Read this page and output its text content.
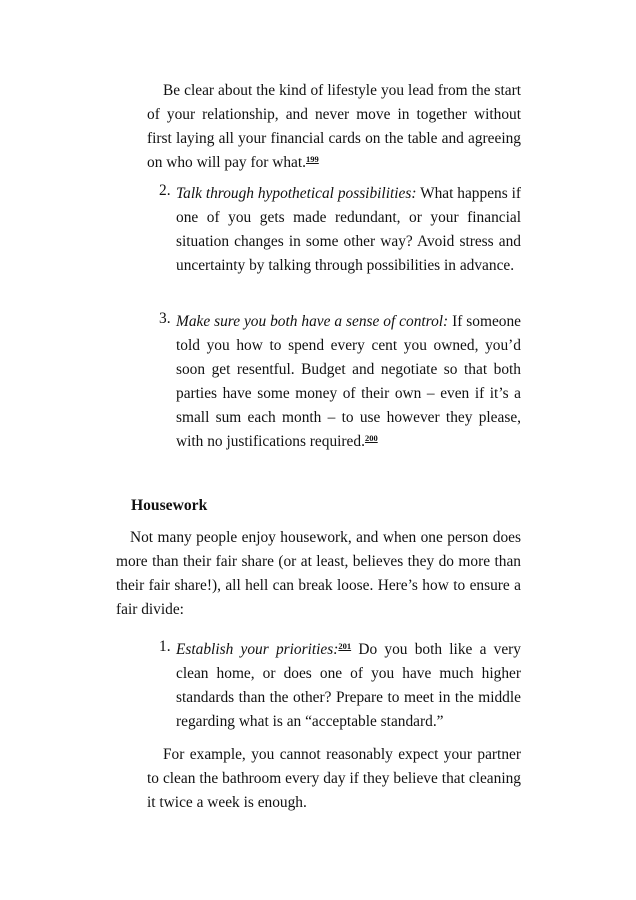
Be clear about the kind of lifestyle you lead from the start of your relationship, and never move in together without first laying all your financial cards on the table and agreeing on who will pay for what.$^{199}$

2. Talk through hypothetical possibilities: What happens if one of you gets made redundant, or your financial situation changes in some other way? Avoid stress and uncertainty by talking through possibilities in advance.

3. Make sure you both have a sense of control: If someone told you how to spend every cent you owned, you’d soon get resentful. Budget and negotiate so that both parties have some money of their own – even if it’s a small sum each month – to use however they please, with no justifications required.$^{200}$

Housework

Not many people enjoy housework, and when one person does more than their fair share (or at least, believes they do more than their fair share!), all hell can break loose. Here’s how to ensure a fair divide:

1. Establish your priorities:$^{201}$ Do you both like a very clean home, or does one of you have much higher standards than the other? Prepare to meet in the middle regarding what is an “acceptable standard.”

For example, you cannot reasonably expect your partner to clean the bathroom every day if they believe that cleaning it twice a week is enough.
